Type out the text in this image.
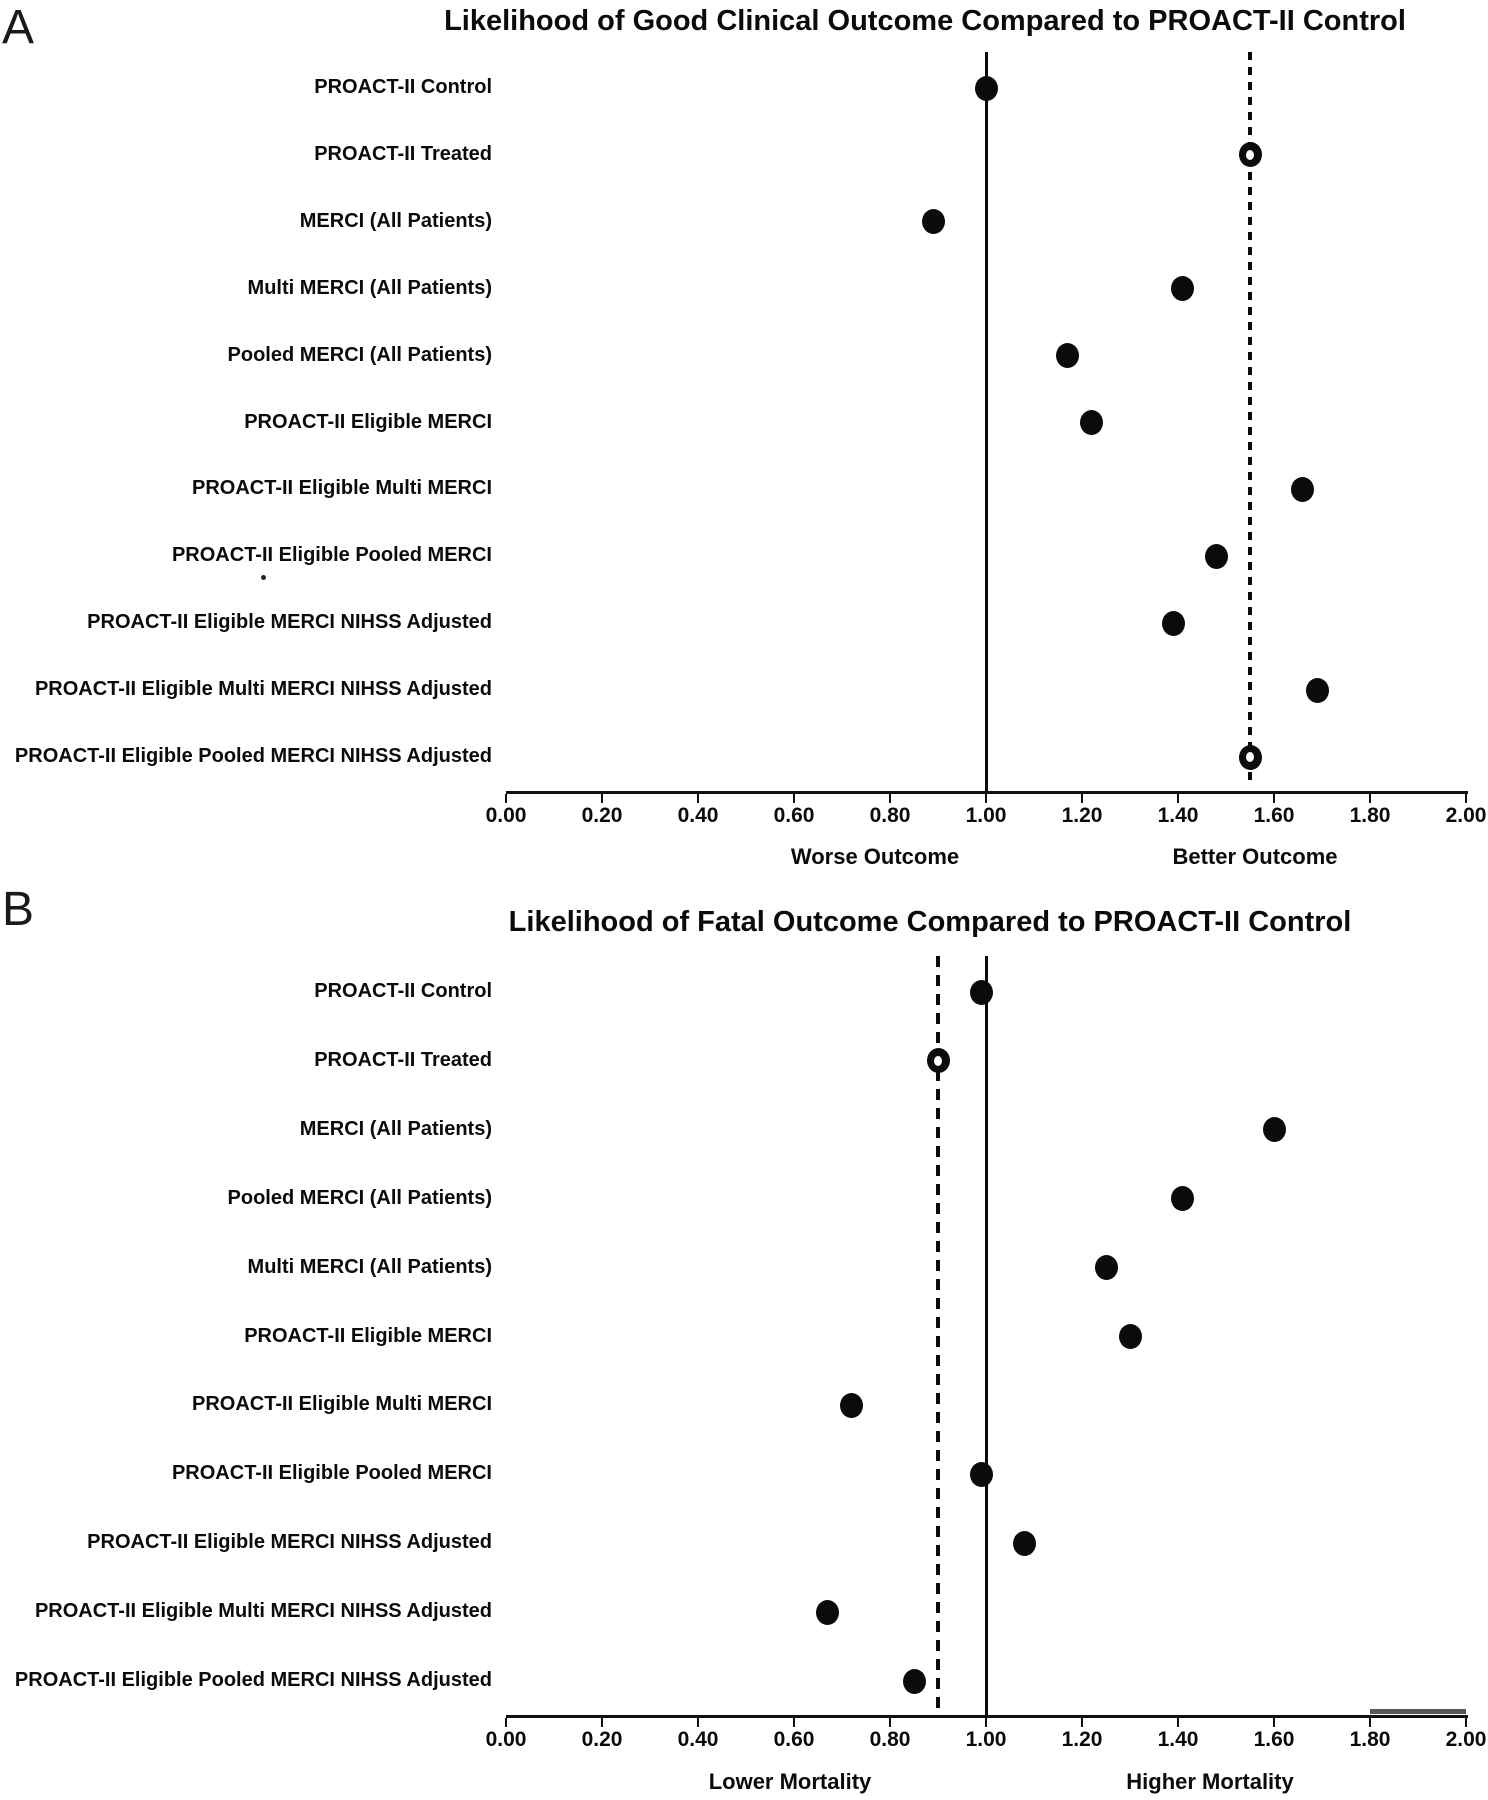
A	Likelihood of Good Clinical Outcome Compared to PROACT-II Control
Worse Outcome	Better Outcome
0.00	0.20	0.40	0.60	0.80	1.00	1.20	1.40	1.60	1.80	2.00
PROACT-II Control
PROACT-II Treated
MERCI (All Patients)
Multi MERCI (All Patients)
Pooled MERCI (All Patients)
PROACT-II Eligible MERCI
PROACT-II Eligible Multi MERCI
PROACT-II Eligible Pooled MERCI
PROACT-II Eligible MERCI NIHSS Adjusted
PROACT-II Eligible Multi MERCI NIHSS Adjusted
PROACT-II Eligible Pooled MERCI NIHSS Adjusted
B	Likelihood of Fatal Outcome Compared to PROACT-II Control
Lower Mortality	Higher Mortality
0.00	0.20	0.40	0.60	0.80	1.00	1.20	1.40	1.60	1.80	2.00
PROACT-II Control
PROACT-II Treated
MERCI (All Patients)
Pooled MERCI (All Patients)
Multi MERCI (All Patients)
PROACT-II Eligible MERCI
PROACT-II Eligible Multi MERCI
PROACT-II Eligible Pooled MERCI
PROACT-II Eligible MERCI NIHSS Adjusted
PROACT-II Eligible Multi MERCI NIHSS Adjusted
PROACT-II Eligible Pooled MERCI NIHSS Adjusted
